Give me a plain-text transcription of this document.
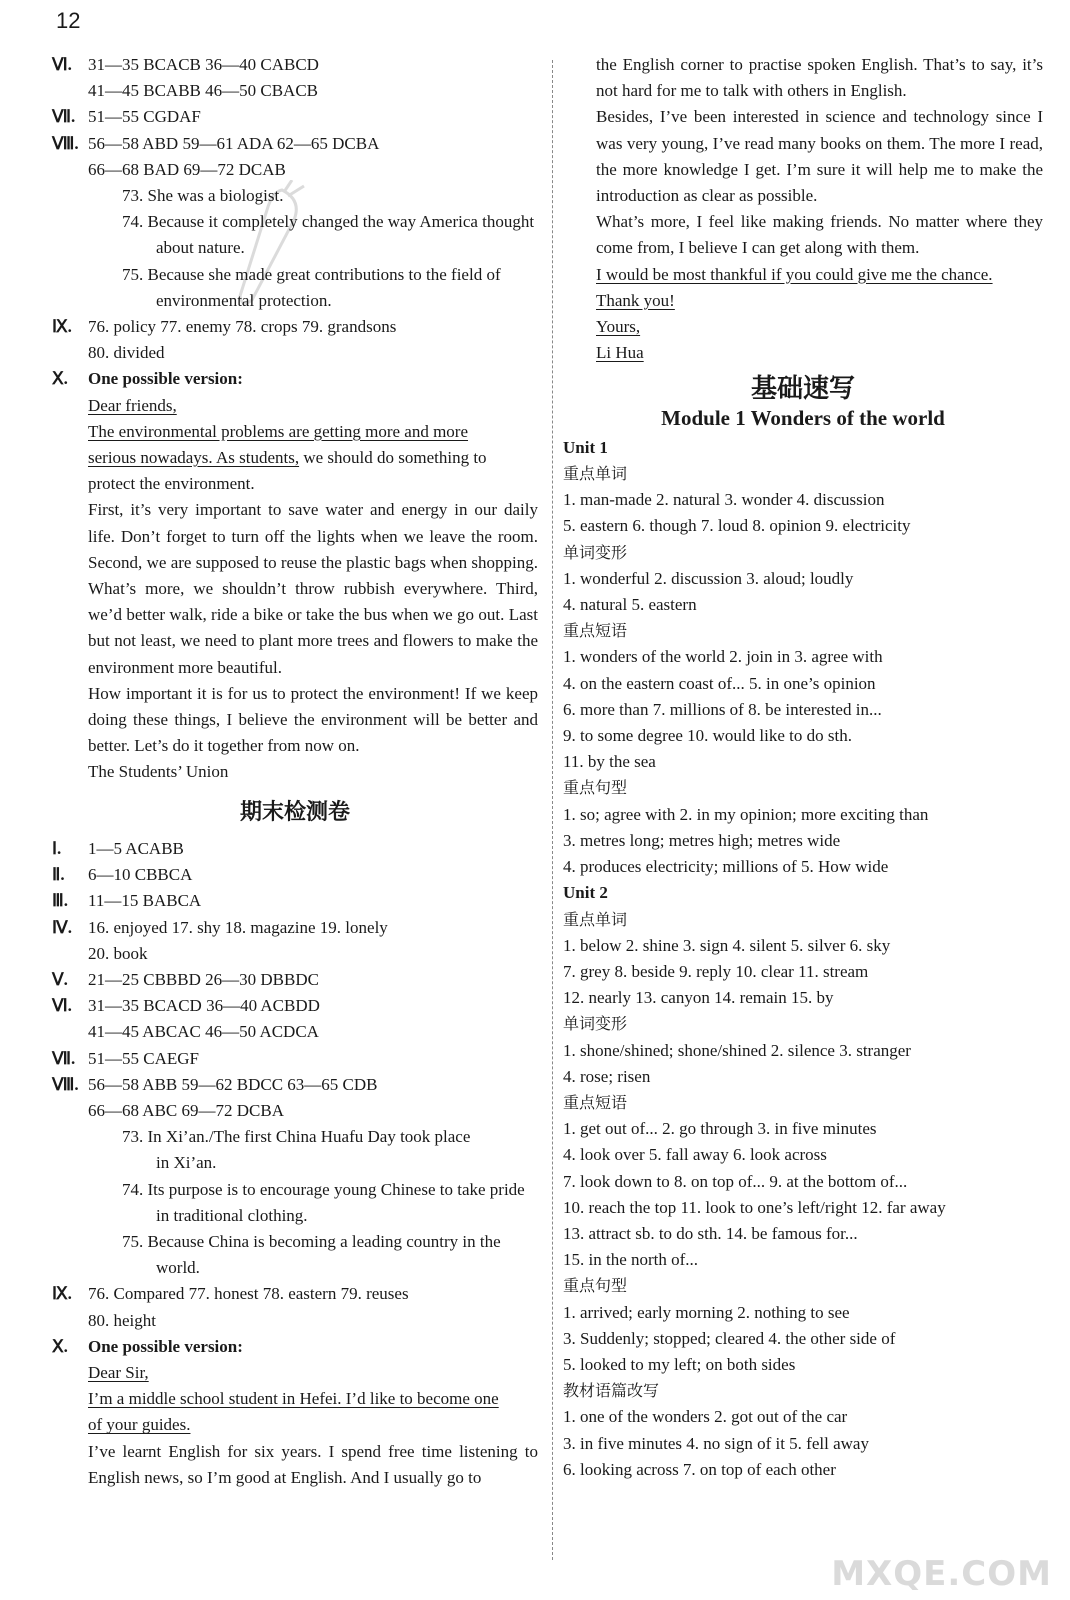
12
Ⅵ. 31—35 BCACB 36—40 CABCD
41—45 BCABB 46—50 CBACB
Ⅶ. 51—55 CGDAF
Ⅷ. 56—58 ABD 59—61 ADA 62—65 DCBA
66—68 BAD 69—72 DCAB
73. She was a biologist.
74. Because it completely changed the way America thought
about nature.
75. Because she made great contributions to the field of
environmental protection.
Ⅸ. 76. policy 77. enemy 78. crops 79. grandsons
80. divided
Ⅹ.	One possible version:
Dear friends,
The environmental problems are getting more and more
serious nowadays. As students, we should do something to
protect the environment.
First, it’s very important to save water and energy in our daily life. Don’t forget to turn off the lights when we leave the room. Second, we are supposed to reuse the plastic bags when shopping. What’s more, we shouldn’t throw rubbish everywhere. Third, we’d better walk, ride a bike or take the bus when we go out. Last but not least, we need to plant more trees and flowers to make the environment more beautiful.
How important it is for us to protect the environment! If we keep doing these things, I believe the environment will be better and better. Let’s do it together from now on.
The Students’ Union
期末检测卷
Ⅰ.	1—5 ACABB
Ⅱ.	6—10 CBBCA
Ⅲ.	11—15 BABCA
Ⅳ. 16. enjoyed 17. shy 18. magazine 19. lonely
20. book
Ⅴ.	21—25 CBBBD 26—30 DBBDC
Ⅵ. 31—35 BCACD 36—40 ACBDD
41—45 ABCAC 46—50 ACDCA
Ⅶ. 51—55 CAEGF
Ⅷ. 56—58 ABB 59—62 BDCC 63—65 CDB
66—68 ABC 69—72 DCBA
73. In Xi’an./The first China Huafu Day took place
in Xi’an.
74. Its purpose is to encourage young Chinese to take pride
in traditional clothing.
75. Because China is becoming a leading country in the
world.
Ⅸ. 76. Compared 77. honest 78. eastern 79. reuses
80. height
Ⅹ.	One possible version:
Dear Sir,
I’m a middle school student in Hefei. I’d like to become one
of your guides.
I’ve learnt English for six years. I spend free time listening to English news, so I’m good at English. And I usually go to
the English corner to practise spoken English. That’s to say, it’s not hard for me to talk with others in English.
Besides, I’ve been interested in science and technology since I was very young, I’ve read many books on them. The more I read, the more knowledge I get. I’m sure it will help me to make the introduction as clear as possible.
What’s more, I feel like making friends. No matter where they come from, I believe I can get along with them.
I would be most thankful if you could give me the chance.
Thank you!
Yours,
Li Hua
基础速写
Module 1 Wonders of the world
Unit 1
重点单词
1. man-made 2. natural 3. wonder 4. discussion
5. eastern 6. though 7. loud 8. opinion 9. electricity
单词变形
1. wonderful 2. discussion 3. aloud; loudly
4. natural 5. eastern
重点短语
1. wonders of the world 2. join in 3. agree with
4. on the eastern coast of... 5. in one’s opinion
6. more than 7. millions of 8. be interested in...
9. to some degree 10. would like to do sth.
11. by the sea
重点句型
1. so; agree with 2. in my opinion; more exciting than
3. metres long; metres high; metres wide
4. produces electricity; millions of 5. How wide
Unit 2
重点单词
1. below 2. shine 3. sign 4. silent 5. silver 6. sky
7. grey 8. beside 9. reply 10. clear 11. stream
12. nearly 13. canyon 14. remain 15. by
单词变形
1. shone/shined; shone/shined 2. silence 3. stranger
4. rose; risen
重点短语
1. get out of... 2. go through 3. in five minutes
4. look over 5. fall away 6. look across
7. look down to 8. on top of... 9. at the bottom of...
10. reach the top 11. look to one’s left/right 12. far away
13. attract sb. to do sth. 14. be famous for...
15. in the north of...
重点句型
1. arrived; early morning 2. nothing to see
3. Suddenly; stopped; cleared 4. the other side of
5. looked to my left; on both sides
教材语篇改写
1. one of the wonders 2. got out of the car
3. in five minutes 4. no sign of it 5. fell away
6. looking across 7. on top of each other
MXQE.COM
